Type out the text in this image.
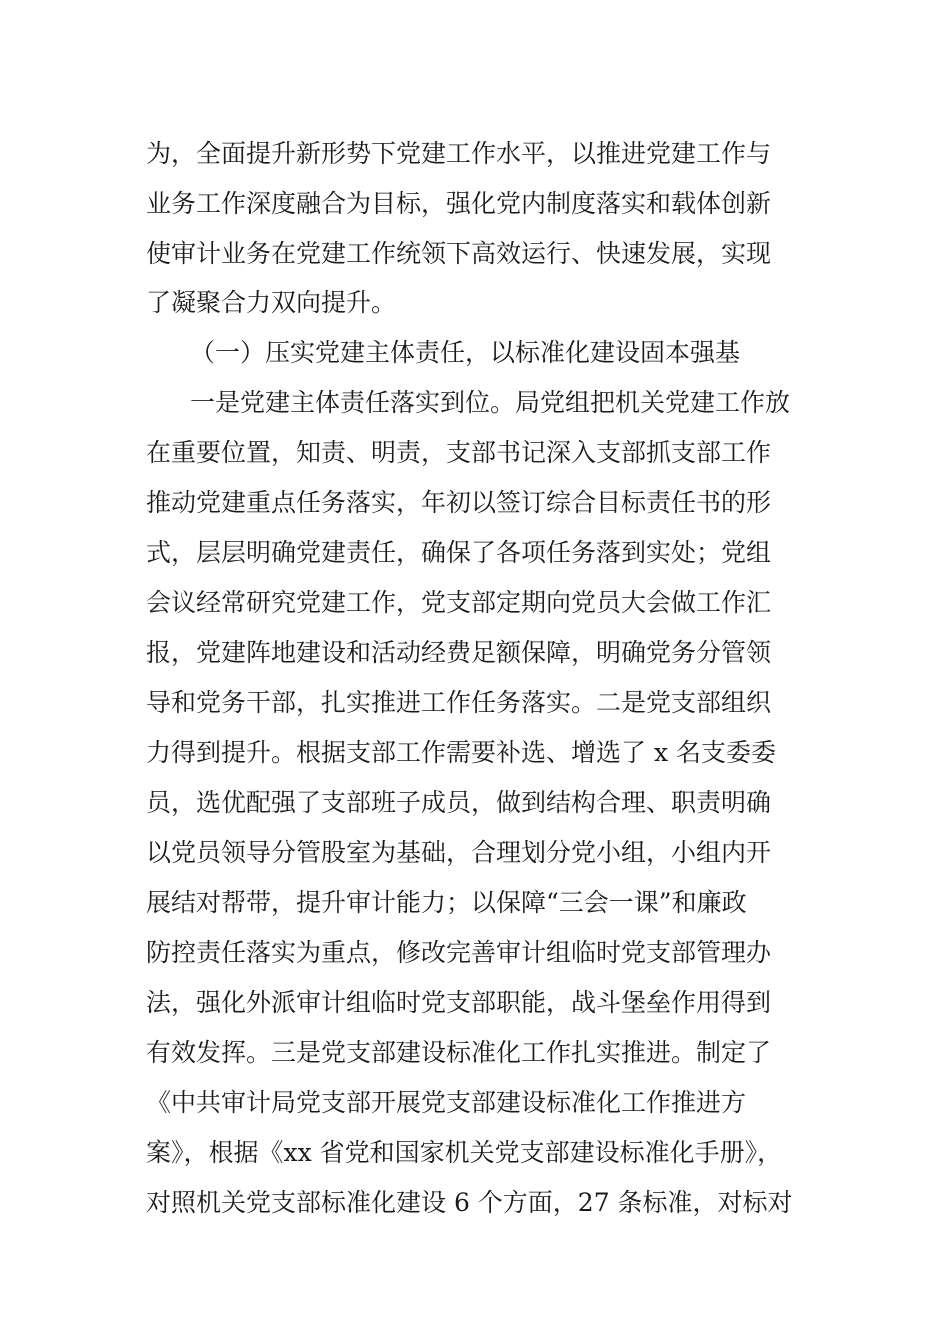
为，全面提升新形势下党建工作水平，以推进党建工作与
业务工作深度融合为目标，强化党内制度落实和载体创新
使审计业务在党建工作统领下高效运行、快速发展，实现
了凝聚合力双向提升。
（一）压实党建主体责任，以标准化建设固本强基
一是党建主体责任落实到位。局党组把机关党建工作放
在重要位置，知责、明责，支部书记深入支部抓支部工作
推动党建重点任务落实，年初以签订综合目标责任书的形
式，层层明确党建责任，确保了各项任务落到实处；党组
会议经常研究党建工作，党支部定期向党员大会做工作汇
报，党建阵地建设和活动经费足额保障，明确党务分管领
导和党务干部，扎实推进工作任务落实。二是党支部组织
力得到提升。根据支部工作需要补选、增选了 x 名支委委
员，选优配强了支部班子成员，做到结构合理、职责明确
以党员领导分管股室为基础，合理划分党小组，小组内开
展结对帮带，提升审计能力；以保障“三会一课”和廉政
防控责任落实为重点，修改完善审计组临时党支部管理办
法，强化外派审计组临时党支部职能，战斗堡垒作用得到
有效发挥。三是党支部建设标准化工作扎实推进。制定了
《中共审计局党支部开展党支部建设标准化工作推进方
案》，根据《xx 省党和国家机关党支部建设标准化手册》，
对照机关党支部标准化建设 6 个方面，27 条标准，对标对
